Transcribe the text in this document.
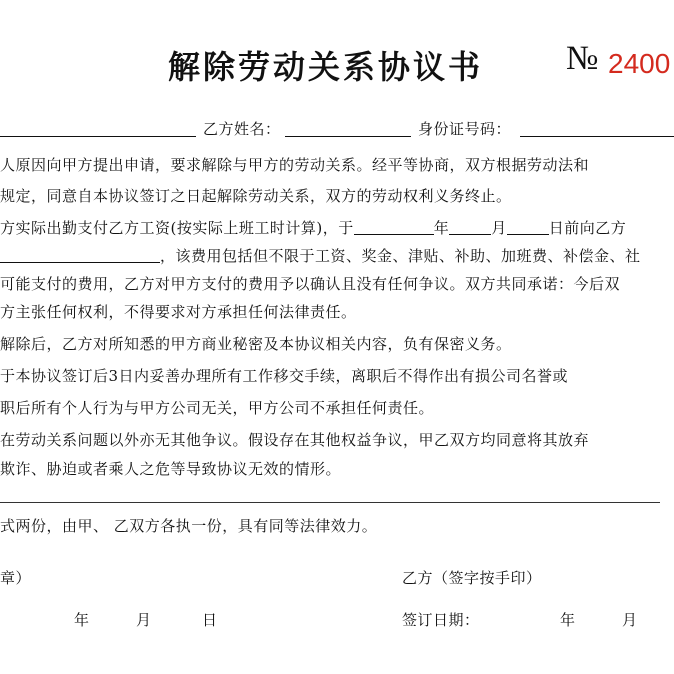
解除劳动关系协议书 № 2400
乙方姓名：	身份证号码：
人原因向甲方提出申请，要求解除与甲方的劳动关系。经平等协商，双方根据劳动法和
规定，同意自本协议签订之日起解除劳动关系，双方的劳动权利义务终止。
方实际出勤支付乙方工资(按实际上班工时计算)，于	年	月	日前向乙方
，该费用包括但不限于工资、奖金、津贴、补助、加班费、补偿金、社
可能支付的费用，乙方对甲方支付的费用予以确认且没有任何争议。双方共同承诺：今后双
方主张任何权利，不得要求对方承担任何法律责任。
解除后，乙方对所知悉的甲方商业秘密及本协议相关内容，负有保密义务。
于本协议签订后3日内妥善办理所有工作移交手续，离职后不得作出有损公司名誉或
职后所有个人行为与甲方公司无关，甲方公司不承担任何责任。
在劳动关系问题以外亦无其他争议。假设存在其他权益争议，甲乙双方均同意将其放弃
欺诈、胁迫或者乘人之危等导致协议无效的情形。
式两份，由甲、 乙双方各执一份，具有同等法律效力。
章）	乙方（签字按手印）
年	月	日	签订日期：	年	月
